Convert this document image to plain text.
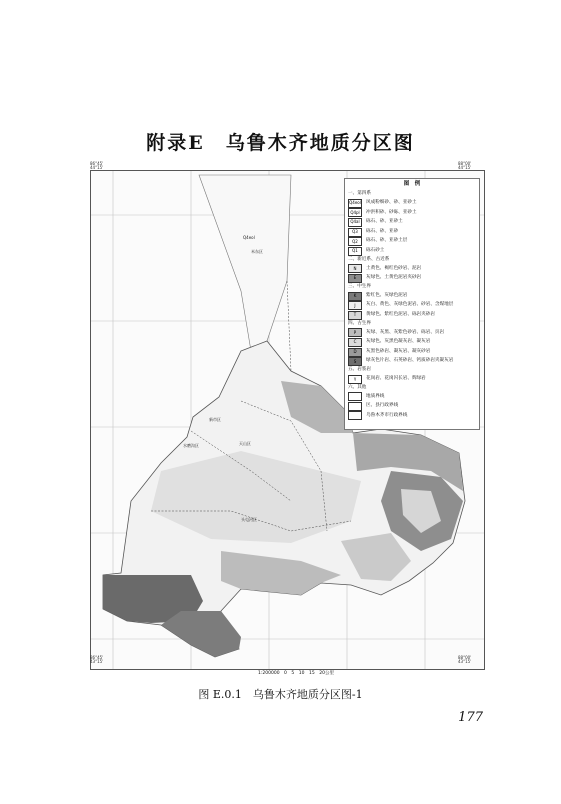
附录E　乌鲁木齐地质分区图
Q4eol
米东区
新市区
天山区
水磨沟区
头屯河区
86°45'
44°15'
88°00'
44°15'
86°45'
43°15'
88°00'
43°15'
图　例
一、第四系
Q4eol 风成粉细砂、砂、亚砂土
Q4pl	冲洪积砂、砂砾、亚砂土
Q4al	砾石、砂、亚砂土
Q3	砾石、砂、亚砂
Q2	砾石、砂、亚砂土层
Q1	砾石砂土
二、新近系、古近系
N	土黄色、褐红色砂岩、泥岩
E	灰绿色、土黄色泥岩夹砂岩
三、中生界
K	紫红色、灰绿色泥岩
J	灰白、黄色、灰绿色泥岩、砂岩、含煤地层
T	黄绿色、紫红色泥岩、砾岩夹砂岩
四、古生界
P	灰绿、灰黑、灰紫色砂岩、砾岩、页岩
C	灰绿色、灰黑色凝灰岩、凝灰岩
D	灰黑色砂岩、凝灰岩、凝灰砂岩
S	绿灰色片岩、石英砂岩、钙质砂岩夹凝灰岩
五、岩浆岩
γ	花岗岩、花岗闪长岩、辉绿岩
六、其他
地质界线
区、县行政界线
乌鲁木齐市行政界线
1:200000　0　5　10　15　20公里
图 E.0.1　乌鲁木齐地质分区图-1
177
